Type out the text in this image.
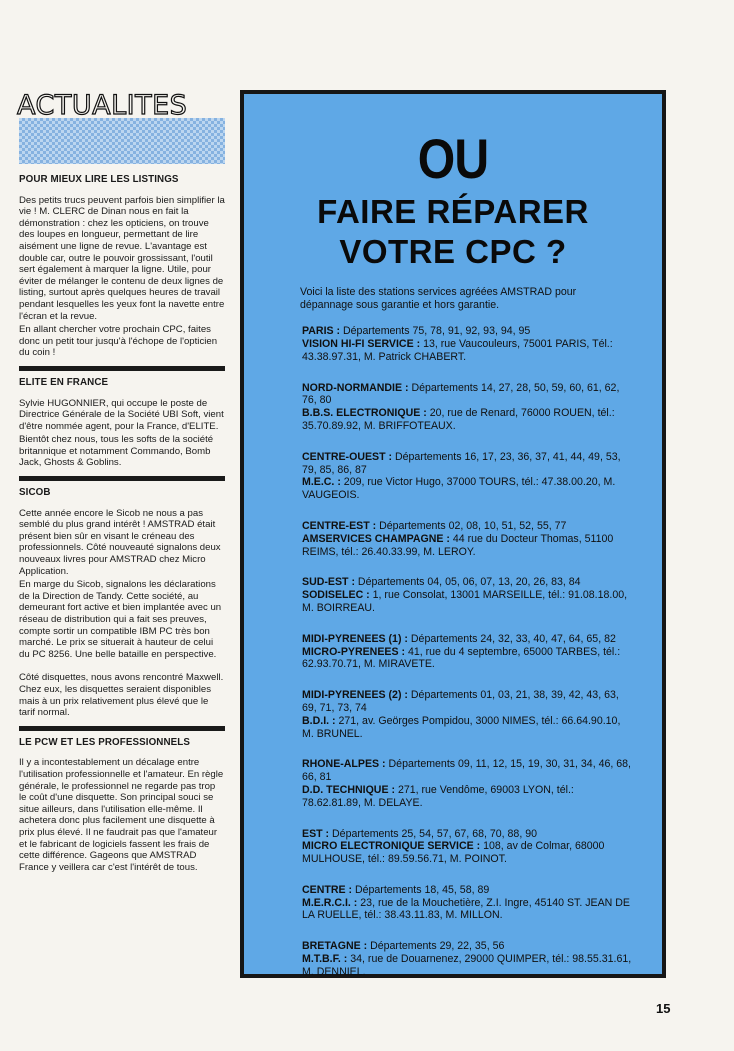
ACTUALITES
POUR MIEUX LIRE LES LISTINGS

Des petits trucs peuvent parfois bien simplifier la vie ! M. CLERC de Dinan nous en fait la démonstration : chez les opticiens, on trouve des loupes en longueur, permettant de lire aisément une ligne de revue. L'avantage est double car, outre le pouvoir grossissant, l'outil sert également à marquer la ligne. Utile, pour éviter de mélanger le contenu de deux lignes de listing, surtout après quelques heures de travail pendant lesquelles les yeux font la navette entre l'écran et la revue.

En allant chercher votre prochain CPC, faites donc un petit tour jusqu'à l'échope de l'opticien du coin !

ELITE EN FRANCE

Sylvie HUGONNIER, qui occupe le poste de Directrice Générale de la Société UBI Soft, vient d'être nommée agent, pour la France, d'ELITE.

Bientôt chez nous, tous les softs de la société britannique et notamment Commando, Bomb Jack, Ghosts & Goblins.

SICOB

Cette année encore le Sicob ne nous a pas semblé du plus grand intérêt ! AMSTRAD était présent bien sûr en visant le créneau des professionnels. Côté nouveauté signalons deux nouveaux livres pour AMSTRAD chez Micro Application.

En marge du Sicob, signalons les déclarations de la Direction de Tandy. Cette société, au demeurant fort active et bien implantée avec un réseau de distribution qui a fait ses preuves, compte sortir un compatible IBM PC très bon marché. Le prix se situerait à hauteur de celui du PC 8256. Une belle bataille en perspective.

Côté disquettes, nous avons rencontré Maxwell. Chez eux, les disquettes seraient disponibles mais à un prix relativement plus élevé que le tarif normal.

LE PCW ET LES PROFESSIONNELS

Il y a incontestablement un décalage entre l'utilisation professionnelle et l'amateur. En règle générale, le professionnel ne regarde pas trop le coût d'une disquette. Son principal souci se situe ailleurs, dans l'utilisation elle-même. Il achetera donc plus facilement une disquette à prix plus élevé. Il ne faudrait pas que l'amateur et le fabricant de logiciels fassent les frais de cette différence. Gageons que AMSTRAD France y veillera car c'est l'intérêt de tous.

OU
FAIRE RÉPARER
VOTRE CPC ?
Voici la liste des stations services agréées AMSTRAD pour dépannage sous garantie et hors garantie.
PARIS : Départements 75, 78, 91, 92, 93, 94, 95
VISION HI-FI SERVICE : 13, rue Vaucouleurs, 75001 PARIS, Tél.: 43.38.97.31, M. Patrick CHABERT.
NORD-NORMANDIE : Départements 14, 27, 28, 50, 59, 60, 61, 62, 76, 80
B.B.S. ELECTRONIQUE : 20, rue de Renard, 76000 ROUEN, tél.: 35.70.89.92, M. BRIFFOTEAUX.
CENTRE-OUEST : Départements 16, 17, 23, 36, 37, 41, 44, 49, 53, 79, 85, 86, 87
M.E.C. : 209, rue Victor Hugo, 37000 TOURS, tél.: 47.38.00.20, M. VAUGEOIS.
CENTRE-EST : Départements 02, 08, 10, 51, 52, 55, 77
AMSERVICES CHAMPAGNE : 44 rue du Docteur Thomas, 51100 REIMS, tél.: 26.40.33.99, M. LEROY.
SUD-EST : Départements 04, 05, 06, 07, 13, 20, 26, 83, 84
SODISELEC : 1, rue Consolat, 13001 MARSEILLE, tél.: 91.08.18.00, M. BOIRREAU.
MIDI-PYRENEES (1) : Départements 24, 32, 33, 40, 47, 64, 65, 82
MICRO-PYRENEES : 41, rue du 4 septembre, 65000 TARBES, tél.: 62.93.70.71, M. MIRAVETE.
MIDI-PYRENEES (2) : Départements 01, 03, 21, 38, 39, 42, 43, 63, 69, 71, 73, 74
B.D.I. : 271, av. Geörges Pompidou, 3000 NIMES, tél.: 66.64.90.10, M. BRUNEL.
RHONE-ALPES : Départements 09, 11, 12, 15, 19, 30, 31, 34, 46, 68, 66, 81
D.D. TECHNIQUE : 271, rue Vendôme, 69003 LYON, tél.: 78.62.81.89, M. DELAYE.
EST : Départements 25, 54, 57, 67, 68, 70, 88, 90
MICRO ELECTRONIQUE SERVICE : 108, av de Colmar, 68000 MULHOUSE, tél.: 89.59.56.71, M. POINOT.
CENTRE : Départements 18, 45, 58, 89
M.E.R.C.I. : 23, rue de la Mouchetière, Z.I. Ingre, 45140 ST. JEAN DE LA RUELLE, tél.: 38.43.11.83, M. MILLON.
BRETAGNE : Départements 29, 22, 35, 56
M.T.B.F. : 34, rue de Douarnenez, 29000 QUIMPER, tél.: 98.55.31.61, M. DENNIEL.
15
